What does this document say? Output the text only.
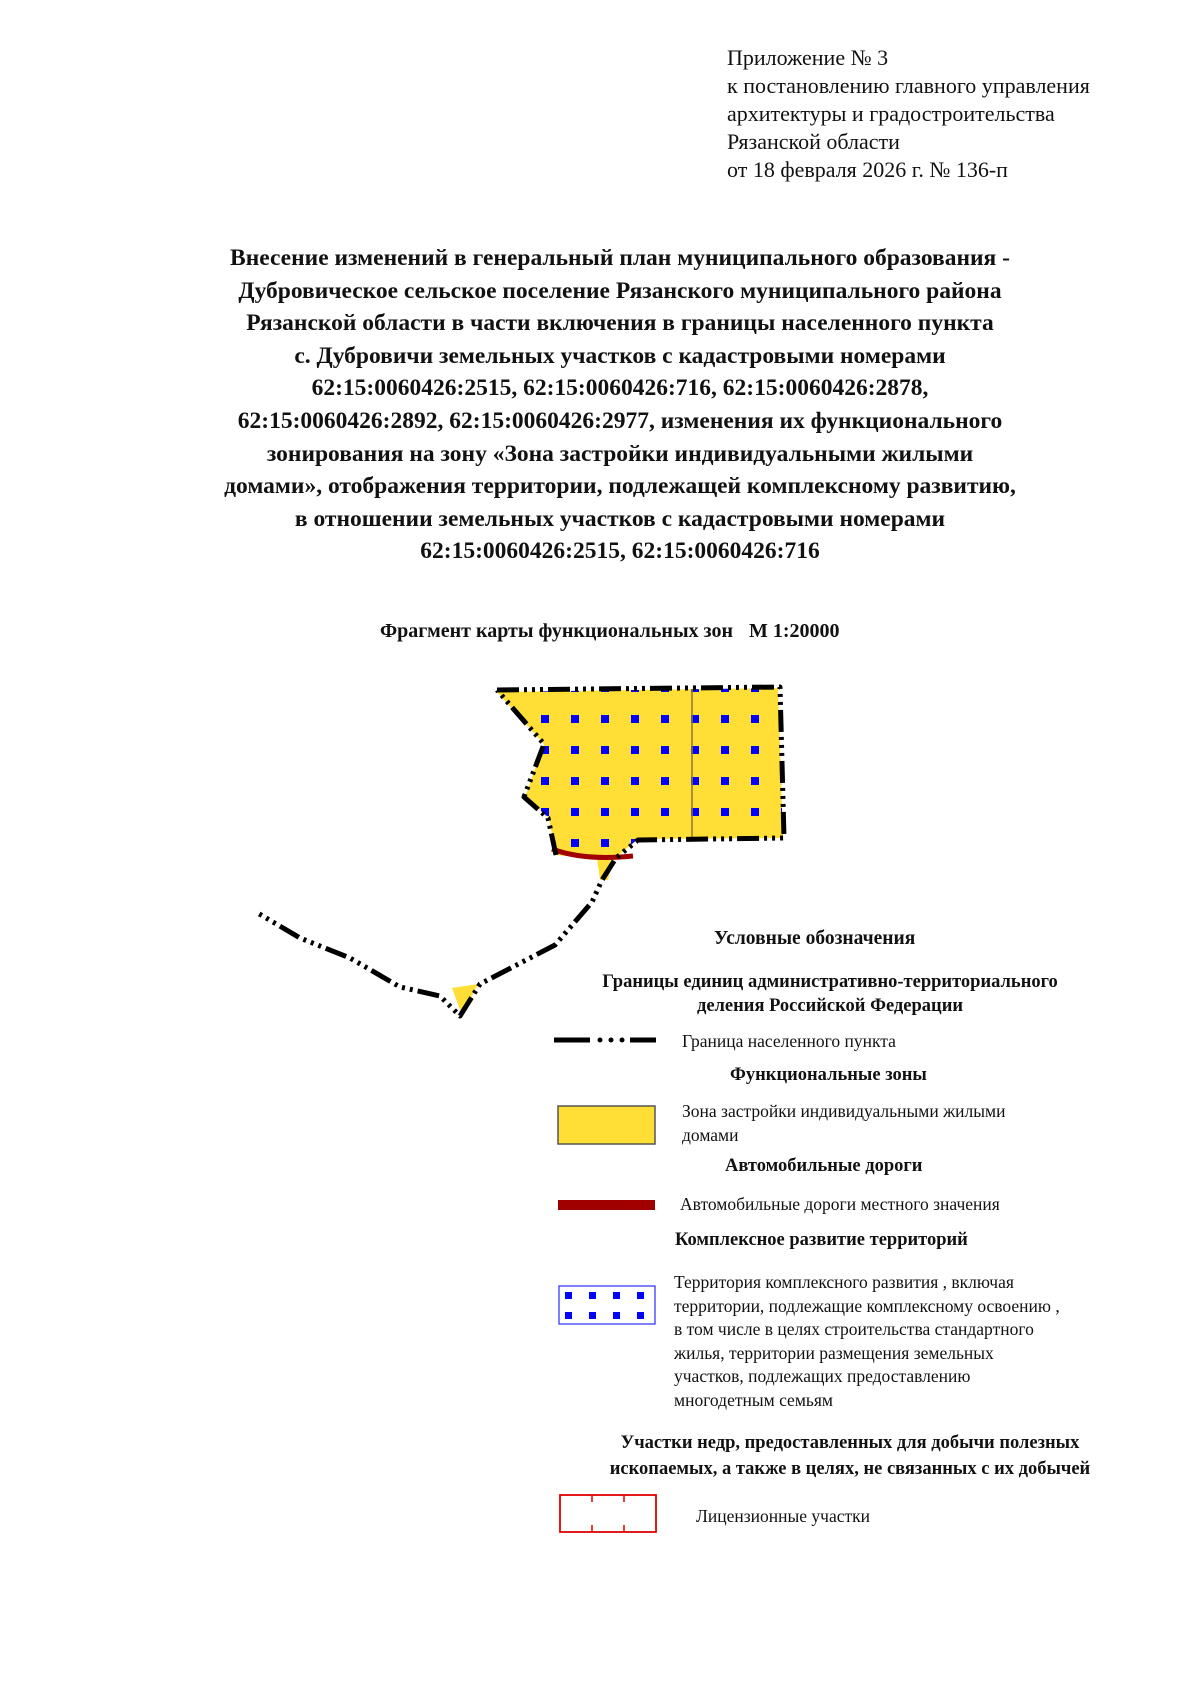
Приложение № 3
к постановлению главного управления
архитектуры и градостроительства
Рязанской области
от 18 февраля 2026 г. № 136-п
Внесение изменений в генеральный план муниципального образования -
Дубровическое сельское поселение Рязанского муниципального района
Рязанской области в части включения в границы населенного пункта
с. Дубровичи земельных участков с кадастровыми номерами
62:15:0060426:2515, 62:15:0060426:716, 62:15:0060426:2878,
62:15:0060426:2892, 62:15:0060426:2977, изменения их функционального
зонирования на зону «Зона застройки индивидуальными жилыми
домами», отображения территории, подлежащей комплексному развитию,
в отношении земельных участков с кадастровыми номерами
62:15:0060426:2515, 62:15:0060426:716
Фрагмент карты функциональных зон М 1:20000
Условные обозначения
Границы единиц административно-территориального
деления Российской Федерации
Граница населенного пункта
Функциональные зоны
Зона застройки индивидуальными жилыми
домами
Автомобильные дороги
Автомобильные дороги местного значения
Комплексное развитие территорий
Территория комплексного развития , включая
территории, подлежащие комплексному освоению ,
в том числе в целях строительства стандартного
жилья, территории размещения земельных
участков, подлежащих предоставлению
многодетным семьям
Участки недр, предоставленных для добычи полезных
ископаемых, а также в целях, не связанных с их добычей
Лицензионные участки
